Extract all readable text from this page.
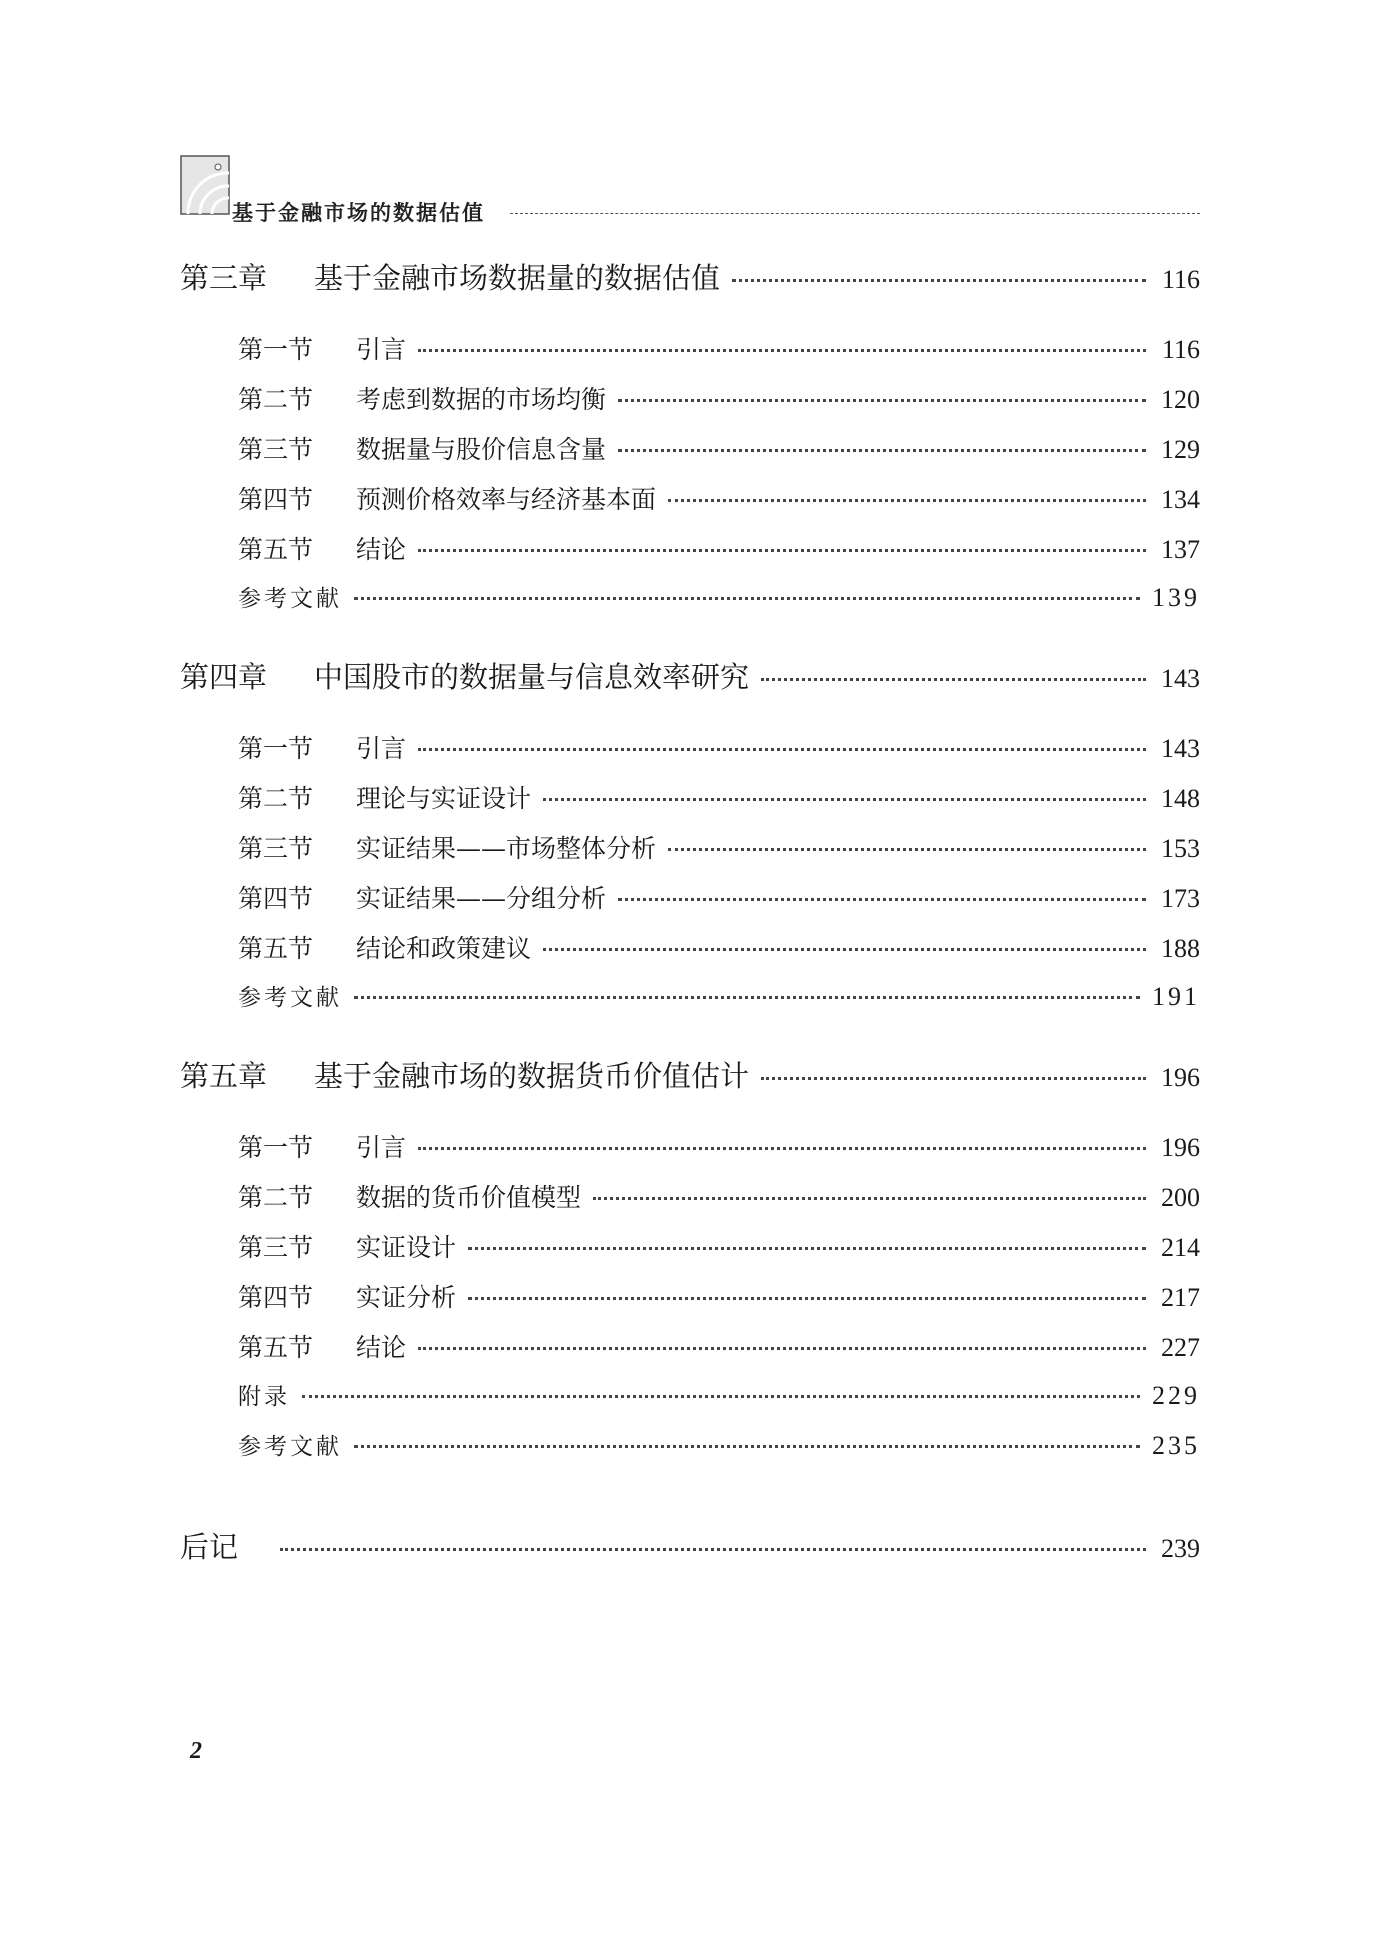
基于金融市场的数据估值
第三章	基于金融市场数据量的数据估值	116
第一节	引言	116
第二节	考虑到数据的市场均衡	120
第三节	数据量与股价信息含量	129
第四节	预测价格效率与经济基本面	134
第五节	结论	137
参考文献	139
第四章	中国股市的数据量与信息效率研究	143
第一节	引言	143
第二节	理论与实证设计	148
第三节	实证结果——市场整体分析	153
第四节	实证结果——分组分析	173
第五节	结论和政策建议	188
参考文献	191
第五章	基于金融市场的数据货币价值估计	196
第一节	引言	196
第二节	数据的货币价值模型	200
第三节	实证设计	214
第四节	实证分析	217
第五节	结论	227
附录	229
参考文献	235
后记	239
2
